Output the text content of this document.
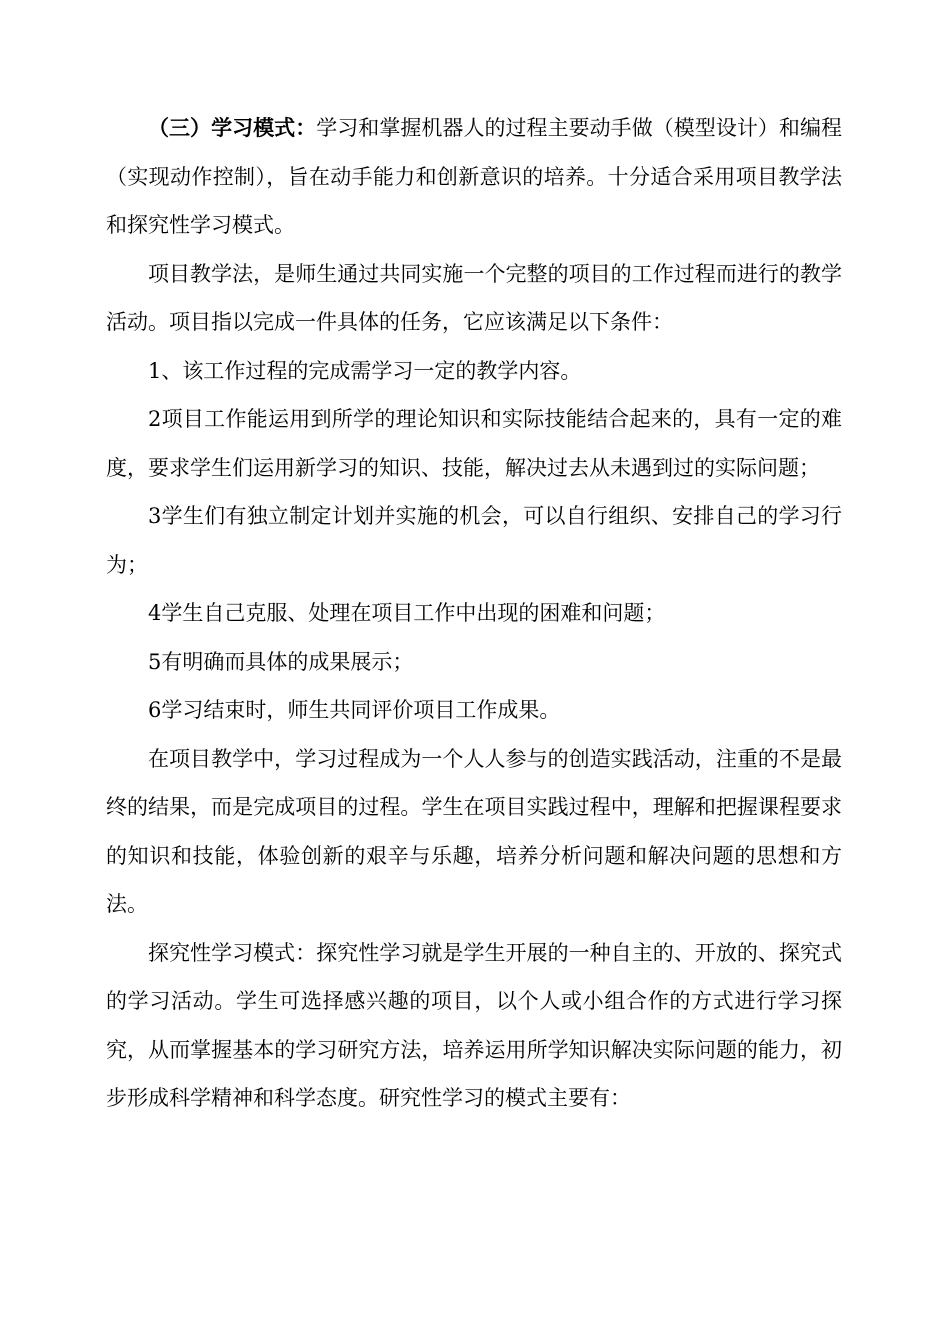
（三）学习模式：学习和掌握机器人的过程主要动手做（模型设计）和编程（实现动作控制），旨在动手能力和创新意识的培养。十分适合采用项目教学法和探究性学习模式。

项目教学法，是师生通过共同实施一个完整的项目的工作过程而进行的教学活动。项目指以完成一件具体的任务，它应该满足以下条件：

1、该工作过程的完成需学习一定的教学内容。

2项目工作能运用到所学的理论知识和实际技能结合起来的，具有一定的难度，要求学生们运用新学习的知识、技能，解决过去从未遇到过的实际问题；

3学生们有独立制定计划并实施的机会，可以自行组织、安排自己的学习行为；

4学生自己克服、处理在项目工作中出现的困难和问题；

5有明确而具体的成果展示；

6学习结束时，师生共同评价项目工作成果。

在项目教学中，学习过程成为一个人人参与的创造实践活动，注重的不是最终的结果，而是完成项目的过程。学生在项目实践过程中，理解和把握课程要求的知识和技能，体验创新的艰辛与乐趣，培养分析问题和解决问题的思想和方法。

探究性学习模式：探究性学习就是学生开展的一种自主的、开放的、探究式的学习活动。学生可选择感兴趣的项目，以个人或小组合作的方式进行学习探究，从而掌握基本的学习研究方法，培养运用所学知识解决实际问题的能力，初步形成科学精神和科学态度。研究性学习的模式主要有：
